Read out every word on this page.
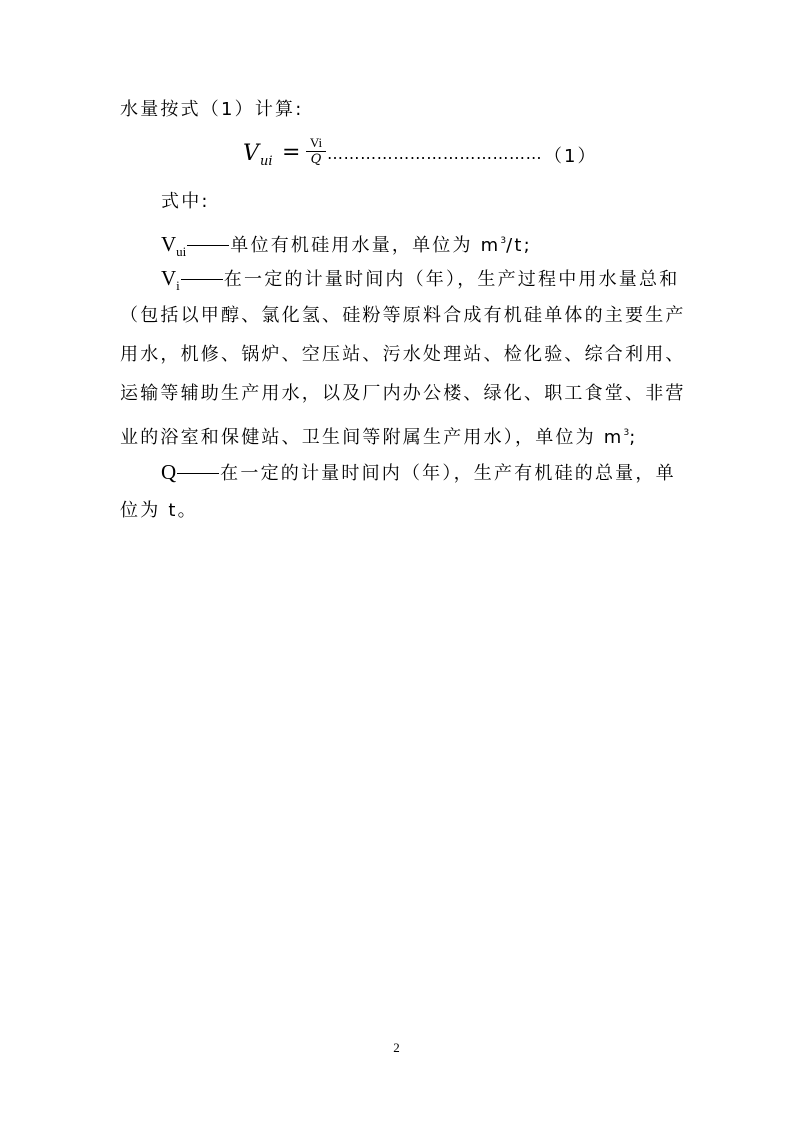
水量按式（1）计算:
V ui = Vi
Q ………………………………… （1）
式中:
$V_{ui}$ 单位有机硅用水量，单位为 $m^3/t$;
$V_i$ 在一定的计量时间内（年），生产过程中用水量总和
（包括以甲醇、氯化氢、硅粉等原料合成有机硅单体的主要生产
用水，机修、锅炉、空压站、污水处理站、检化验、综合利用、
运输等辅助生产用水，以及厂内办公楼、绿化、职工食堂、非营
业的浴室和保健站、卫生间等附属生产用水），单位为 $m^3$;
Q 在一定的计量时间内（年），生产有机硅的总量，单
位为 t。
2
